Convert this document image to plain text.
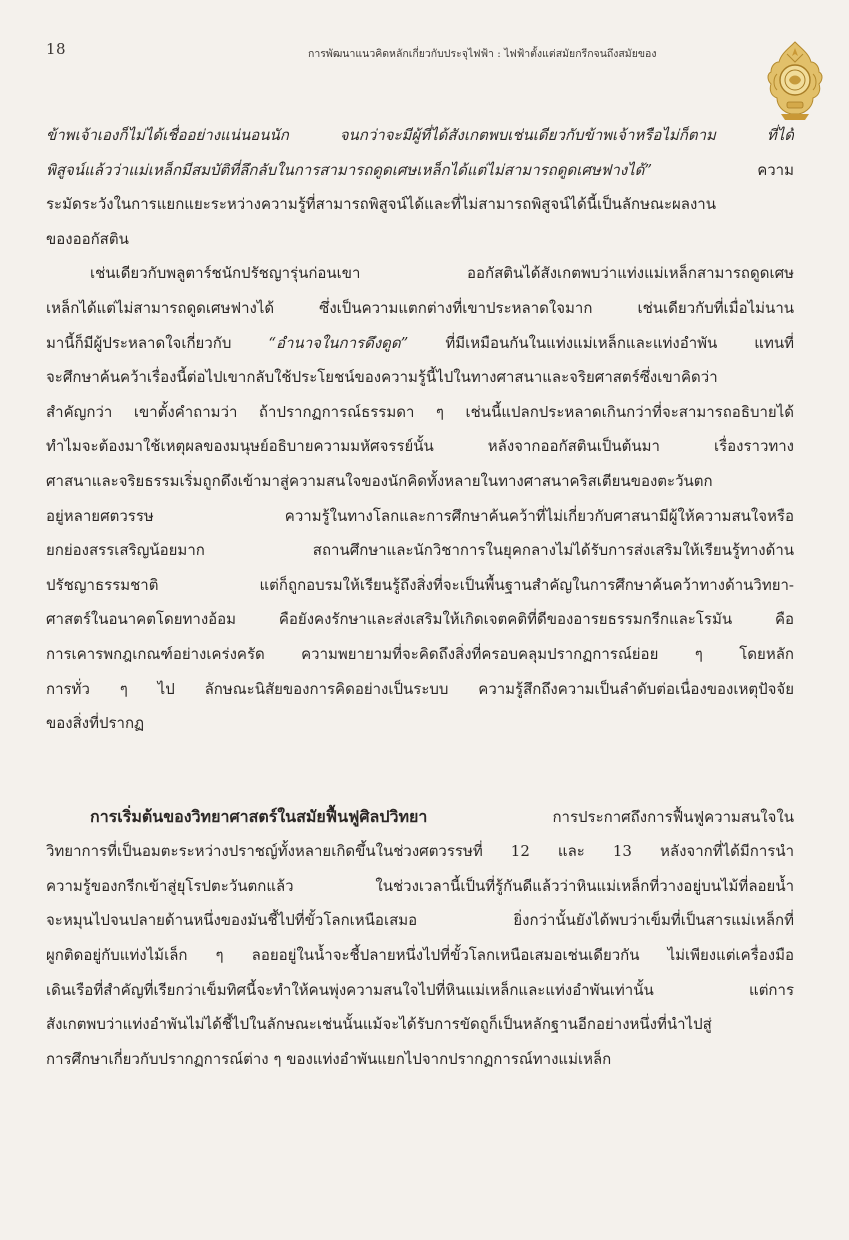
18	การพัฒนาแนวคิดหลักเกี่ยวกับประจุไฟฟ้า : ไฟฟ้าตั้งแต่สมัยกรีกจนถึงสมัยของ
ข้าพเจ้าเองก็ไม่ได้เชื่ออย่างแน่นอนนัก จนกว่าจะมีผู้ที่ได้สังเกตพบเช่นเดียวกับข้าพเจ้าหรือไม่ก็ตาม ที่ได้
พิสูจน์แล้วว่าแม่เหล็กมีสมบัติที่ลึกลับในการสามารถดูดเศษเหล็กได้แต่ไม่สามารถดูดเศษฟางได้” ความ
ระมัดระวังในการแยกแยะระหว่างความรู้ที่สามารถพิสูจน์ได้และที่ไม่สามารถพิสูจน์ได้นี้เป็นลักษณะผลงาน
ของออกัสติน
เช่นเดียวกับพลูตาร์ชนักปรัชญารุ่นก่อนเขา ออกัสตินได้สังเกตพบว่าแท่งแม่เหล็กสามารถดูดเศษ
เหล็กได้แต่ไม่สามารถดูดเศษฟางได้ ซึ่งเป็นความแตกต่างที่เขาประหลาดใจมาก เช่นเดียวกับที่เมื่อไม่นาน
มานี้ก็มีผู้ประหลาดใจเกี่ยวกับ “อำนาจในการดึงดูด” ที่มีเหมือนกันในแท่งแม่เหล็กและแท่งอำพัน แทนที่
จะศึกษาค้นคว้าเรื่องนี้ต่อไปเขากลับใช้ประโยชน์ของความรู้นี้ไปในทางศาสนาและจริยศาสตร์ซึ่งเขาคิดว่า
สำคัญกว่า เขาตั้งคำถามว่า ถ้าปรากฏการณ์ธรรมดา ๆ เช่นนี้แปลกประหลาดเกินกว่าที่จะสามารถอธิบายได้
ทำไมจะต้องมาใช้เหตุผลของมนุษย์อธิบายความมหัศจรรย์นั้น หลังจากออกัสตินเป็นต้นมา เรื่องราวทาง
ศาสนาและจริยธรรมเริ่มถูกดึงเข้ามาสู่ความสนใจของนักคิดทั้งหลายในทางศาสนาคริสเตียนของตะวันตก
อยู่หลายศตวรรษ ความรู้ในทางโลกและการศึกษาค้นคว้าที่ไม่เกี่ยวกับศาสนามีผู้ให้ความสนใจหรือ
ยกย่องสรรเสริญน้อยมาก สถานศึกษาและนักวิชาการในยุคกลางไม่ได้รับการส่งเสริมให้เรียนรู้ทางด้าน
ปรัชญาธรรมชาติ แต่ก็ถูกอบรมให้เรียนรู้ถึงสิ่งที่จะเป็นพื้นฐานสำคัญในการศึกษาค้นคว้าทางด้านวิทยา-
ศาสตร์ในอนาคตโดยทางอ้อม คือยังคงรักษาและส่งเสริมให้เกิดเจตคติที่ดีของอารยธรรมกรีกและโรมัน คือ
การเคารพกฎเกณฑ์อย่างเคร่งครัด ความพยายามที่จะคิดถึงสิ่งที่ครอบคลุมปรากฏการณ์ย่อย ๆ โดยหลัก
การทั่ว ๆ ไป ลักษณะนิสัยของการคิดอย่างเป็นระบบ ความรู้สึกถึงความเป็นลำดับต่อเนื่องของเหตุปัจจัย
ของสิ่งที่ปรากฏ
การเริ่มต้นของวิทยาศาสตร์ในสมัยฟื้นฟูศิลปวิทยา การประกาศถึงการฟื้นฟูความสนใจใน
วิทยาการที่เป็นอมตะระหว่างปราชญ์ทั้งหลายเกิดขึ้นในช่วงศตวรรษที่ 12 และ 13 หลังจากที่ได้มีการนำ
ความรู้ของกรีกเข้าสู่ยุโรปตะวันตกแล้ว ในช่วงเวลานี้เป็นที่รู้กันดีแล้วว่าหินแม่เหล็กที่วางอยู่บนไม้ที่ลอยน้ำ
จะหมุนไปจนปลายด้านหนึ่งของมันชี้ไปที่ขั้วโลกเหนือเสมอ ยิ่งกว่านั้นยังได้พบว่าเข็มที่เป็นสารแม่เหล็กที่
ผูกติดอยู่กับแท่งไม้เล็ก ๆ ลอยอยู่ในน้ำจะชี้ปลายหนึ่งไปที่ขั้วโลกเหนือเสมอเช่นเดียวกัน ไม่เพียงแต่เครื่องมือ
เดินเรือที่สำคัญที่เรียกว่าเข็มทิศนี้จะทำให้คนพุ่งความสนใจไปที่หินแม่เหล็กและแท่งอำพันเท่านั้น แต่การ
สังเกตพบว่าแท่งอำพันไม่ได้ชี้ไปในลักษณะเช่นนั้นแม้จะได้รับการขัดถูก็เป็นหลักฐานอีกอย่างหนึ่งที่นำไปสู่
การศึกษาเกี่ยวกับปรากฏการณ์ต่าง ๆ ของแท่งอำพันแยกไปจากปรากฏการณ์ทางแม่เหล็ก
